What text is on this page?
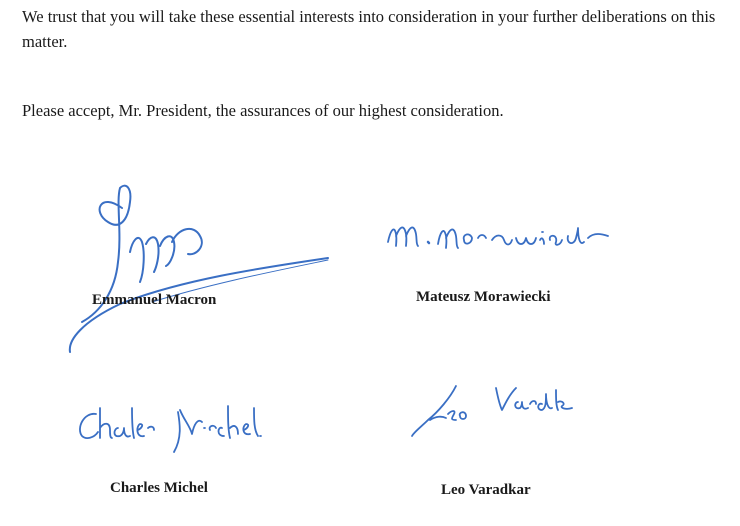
We trust that you will take these essential interests into consideration in your further deliberations on this matter.

Please accept, Mr. President, the assurances of our highest consideration.

Emmanuel Macron	Mateusz Morawiecki
Charles Michel	Leo Varadkar
